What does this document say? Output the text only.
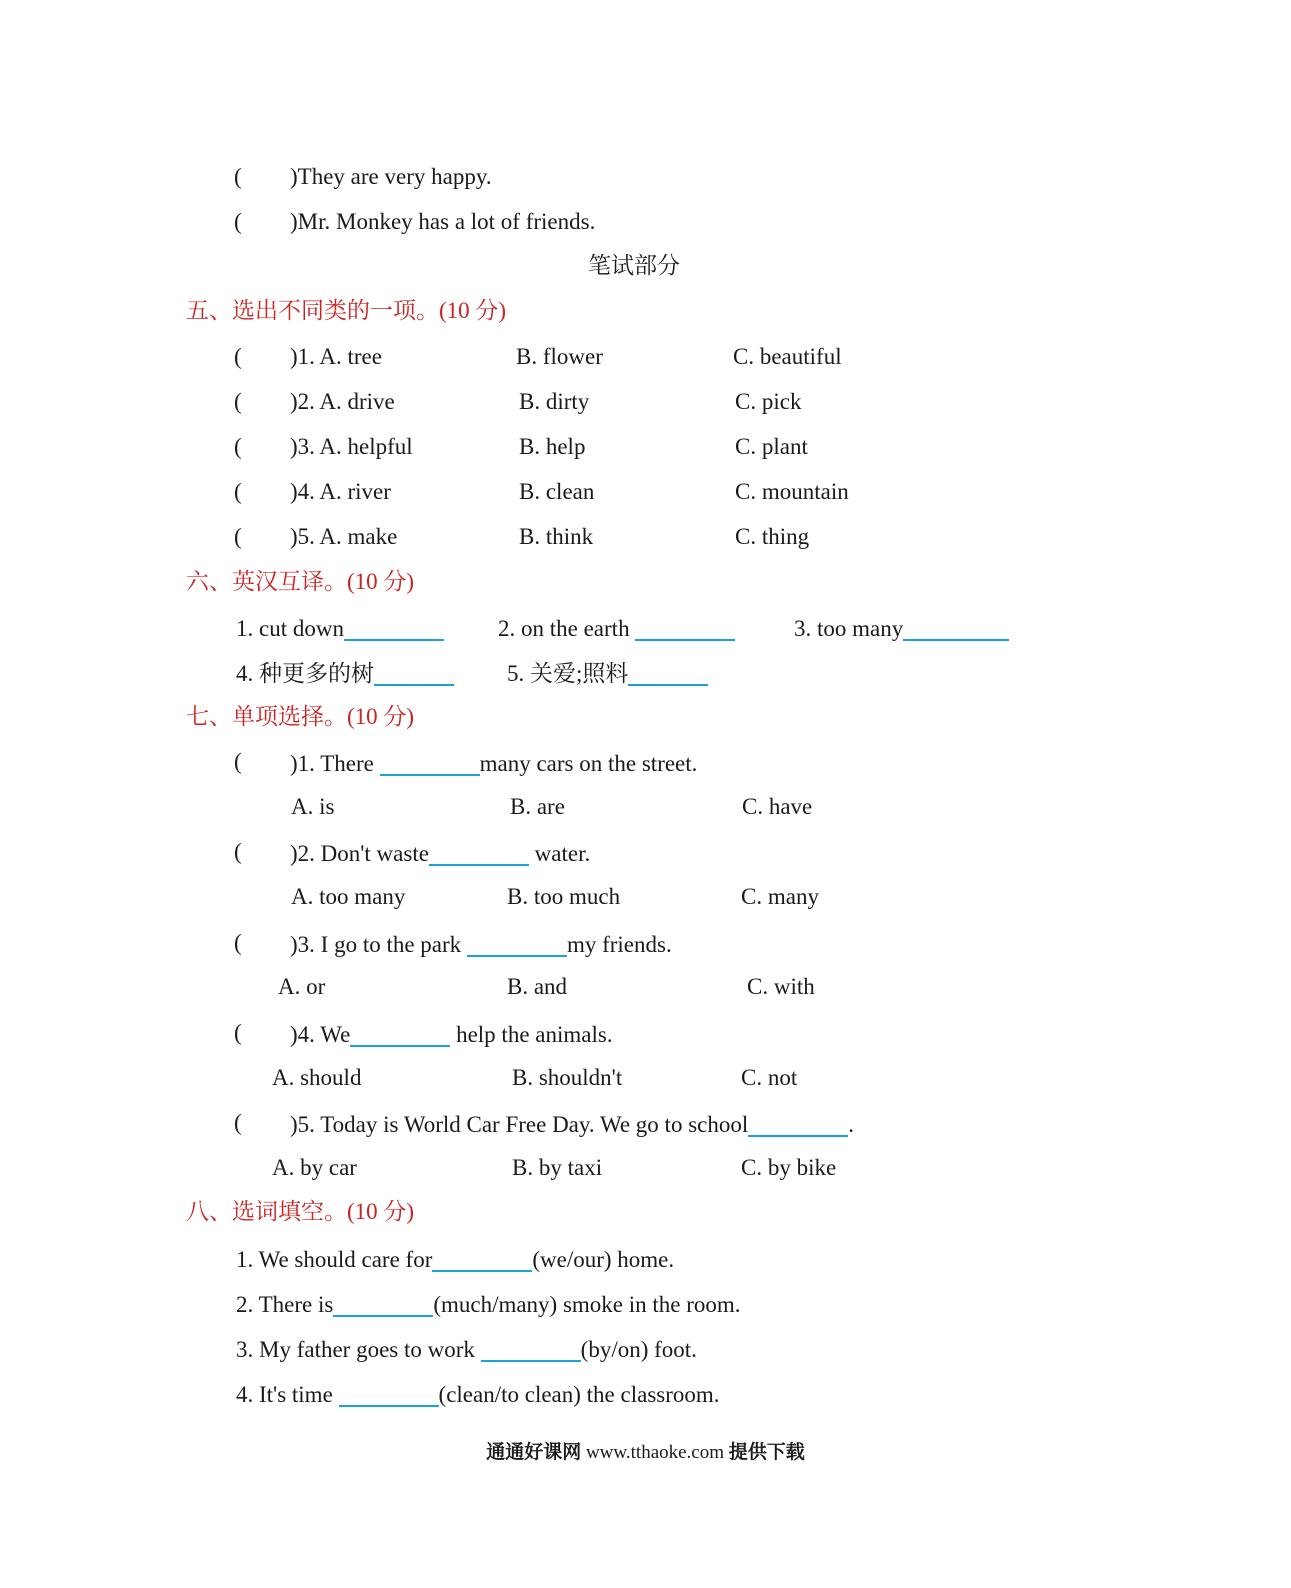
( )They are very happy.
( )Mr. Monkey has a lot of friends.
笔试部分
五、选出不同类的一项。(10 分)
( )1. A. tree	B. flower	C. beautiful
( )2. A. drive	B. dirty	C. pick
( )3. A. helpful	B. help	C. plant
( )4. A. river	B. clean	C. mountain
( )5. A. make	B. think	C. thing
六、英汉互译。(10 分)
1. cut down	2. on the earth	3. too many
4. 种更多的树	5. 关爱;照料
七、单项选择。(10 分)
( )1. There	many cars on the street.
A. is	B. are	C. have
( )2. Don't waste	water.
A. too many	B. too much	C. many
( )3. I go to the park	my friends.
A. or	B. and	C. with
( )4. We	help the animals.
A. should	B. shouldn't	C. not
( )5. Today is World Car Free Day. We go to school	.
A. by car	B. by taxi	C. by bike
八、选词填空。(10 分)
1. We should care for	(we/our) home.
2. There is	(much/many) smoke in the room.
3. My father goes to work	(by/on) foot.
4. It's time	(clean/to clean) the classroom.
通通好课网 www.tthaoke.com 提供下载
